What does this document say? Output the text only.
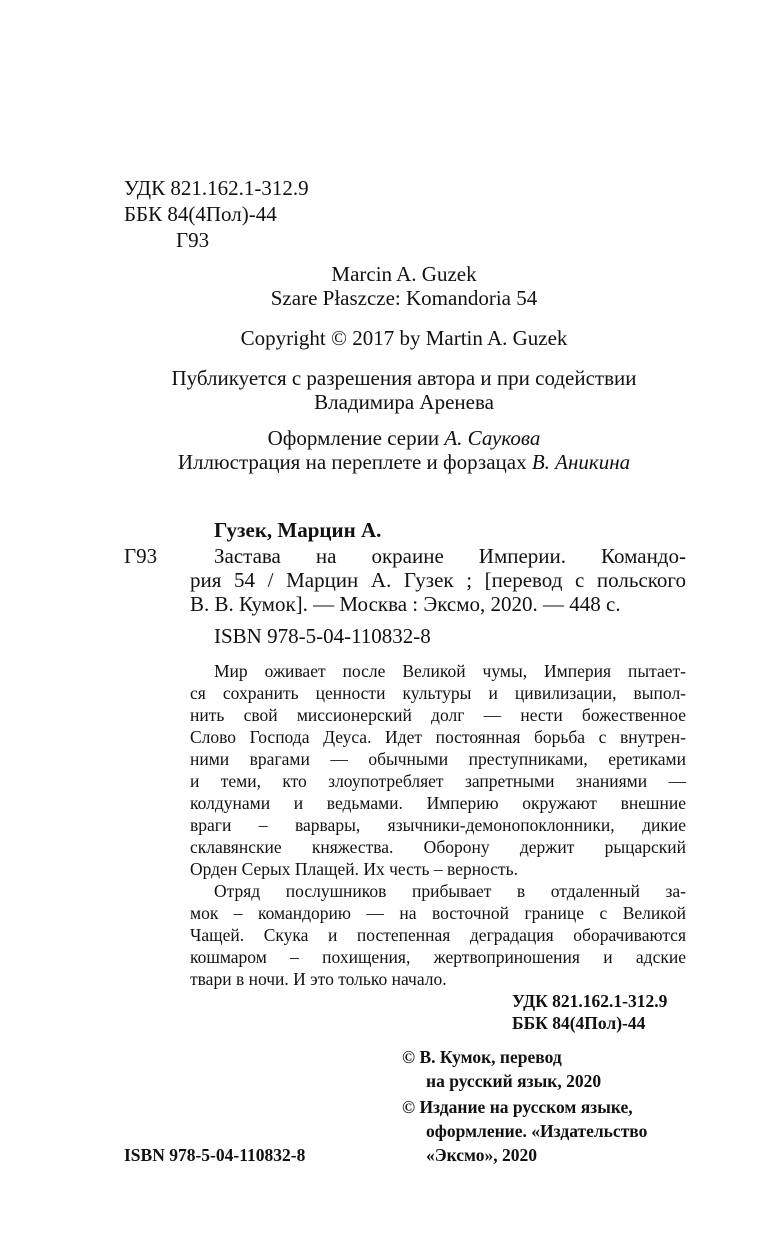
УДК 821.162.1-312.9
ББК 84(4Пол)-44
Г93
Marcin A. Guzek
Szare Płaszcze: Komandoria 54
Copyright © 2017 by Martin A. Guzek
Публикуется с разрешения автора и при содействии
Владимира Аренева
Оформление серии А. Саукова
Иллюстрация на переплете и форзацах В. Аникина
Гузек, Марцин А.
Г93	Застава на окраине Империи. Командо-
рия 54 / Марцин А. Гузек ; [перевод с польского
В. В. Кумок]. — Москва : Эксмо, 2020. — 448 с.
ISBN 978-5-04-110832-8
Мир оживает после Великой чумы, Империя пытает-
ся сохранить ценности культуры и цивилизации, выпол-
нить свой миссионерский долг — нести божественное
Слово Господа Деуса. Идет постоянная борьба с внутрен-
ними врагами — обычными преступниками, еретиками
и теми, кто злоупотребляет запретными знаниями —
колдунами и ведьмами. Империю окружают внешние
враги – варвары, язычники-демонопоклонники, дикие
склавянские княжества. Оборону держит рыцарский
Орден Серых Плащей. Их честь – верность.
Отряд послушников прибывает в отдаленный за-
мок – командорию — на восточной границе с Великой
Чащей. Скука и постепенная деградация оборачиваются
кошмаром – похищения, жертвоприношения и адские
твари в ночи. И это только начало.
УДК 821.162.1-312.9
ББК 84(4Пол)-44
© В. Кумок, перевод
на русский язык, 2020
© Издание на русском языке,
оформление. «Издательство
«Эксмо», 2020
ISBN 978-5-04-110832-8
